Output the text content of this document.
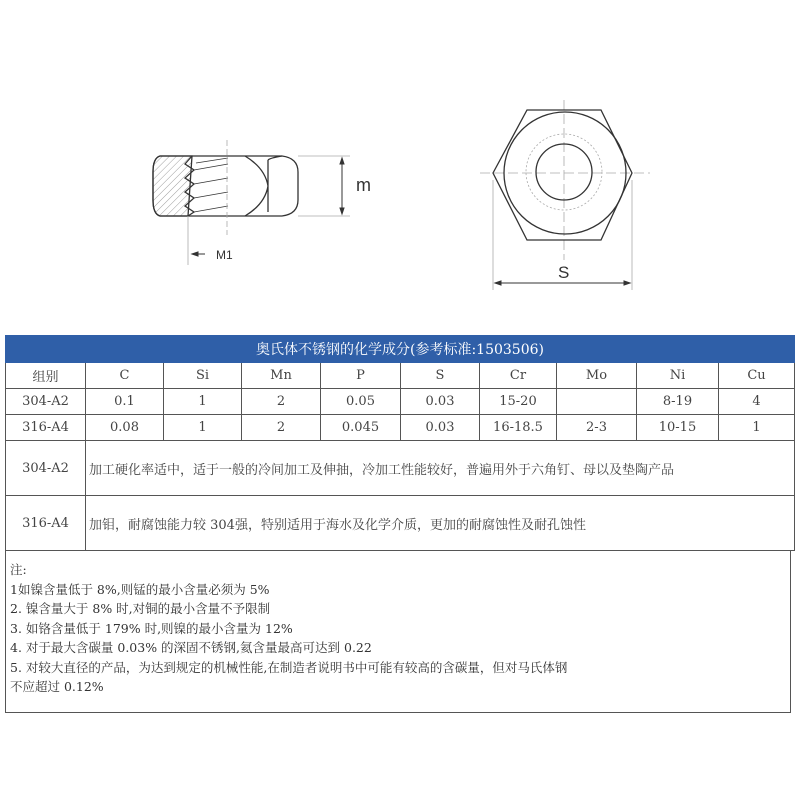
m
M1
S
奥氏体不锈钢的化学成分(参考标准:1503506)									
组别	C	Si	Mn	P	S	Cr	Mo	Ni	Cu
304-A2	0.1	1	2	0.05	0.03	15-20		8-19	4
316-A4	0.08	1	2	0.045	0.03	16-18.5	2-3	10-15	1
304-A2	加工硬化率适中，适于一般的冷间加工及伸抽，冷加工性能较好，普遍用外于六角钉、母以及垫陶产品								
316-A4	加钼，耐腐蚀能力较 304强，特别适用于海水及化学介质，更加的耐腐蚀性及耐孔蚀性								
注:
1如镍含量低于 8%,则锰的最小含量必须为 5%
2. 镍含量大于 8% 时,对铜的最小含量不予限制
3. 如铬含量低于 179% 时,则镍的最小含量为 12%
4. 对于最大含碳量 0.03% 的深固不锈钢,氦含量最高可达到 0.22
5. 对较大直径的产品，为达到规定的机械性能,在制造者说明书中可能有较高的含碳量，但对马氏体钢
不应超过 0.12%
